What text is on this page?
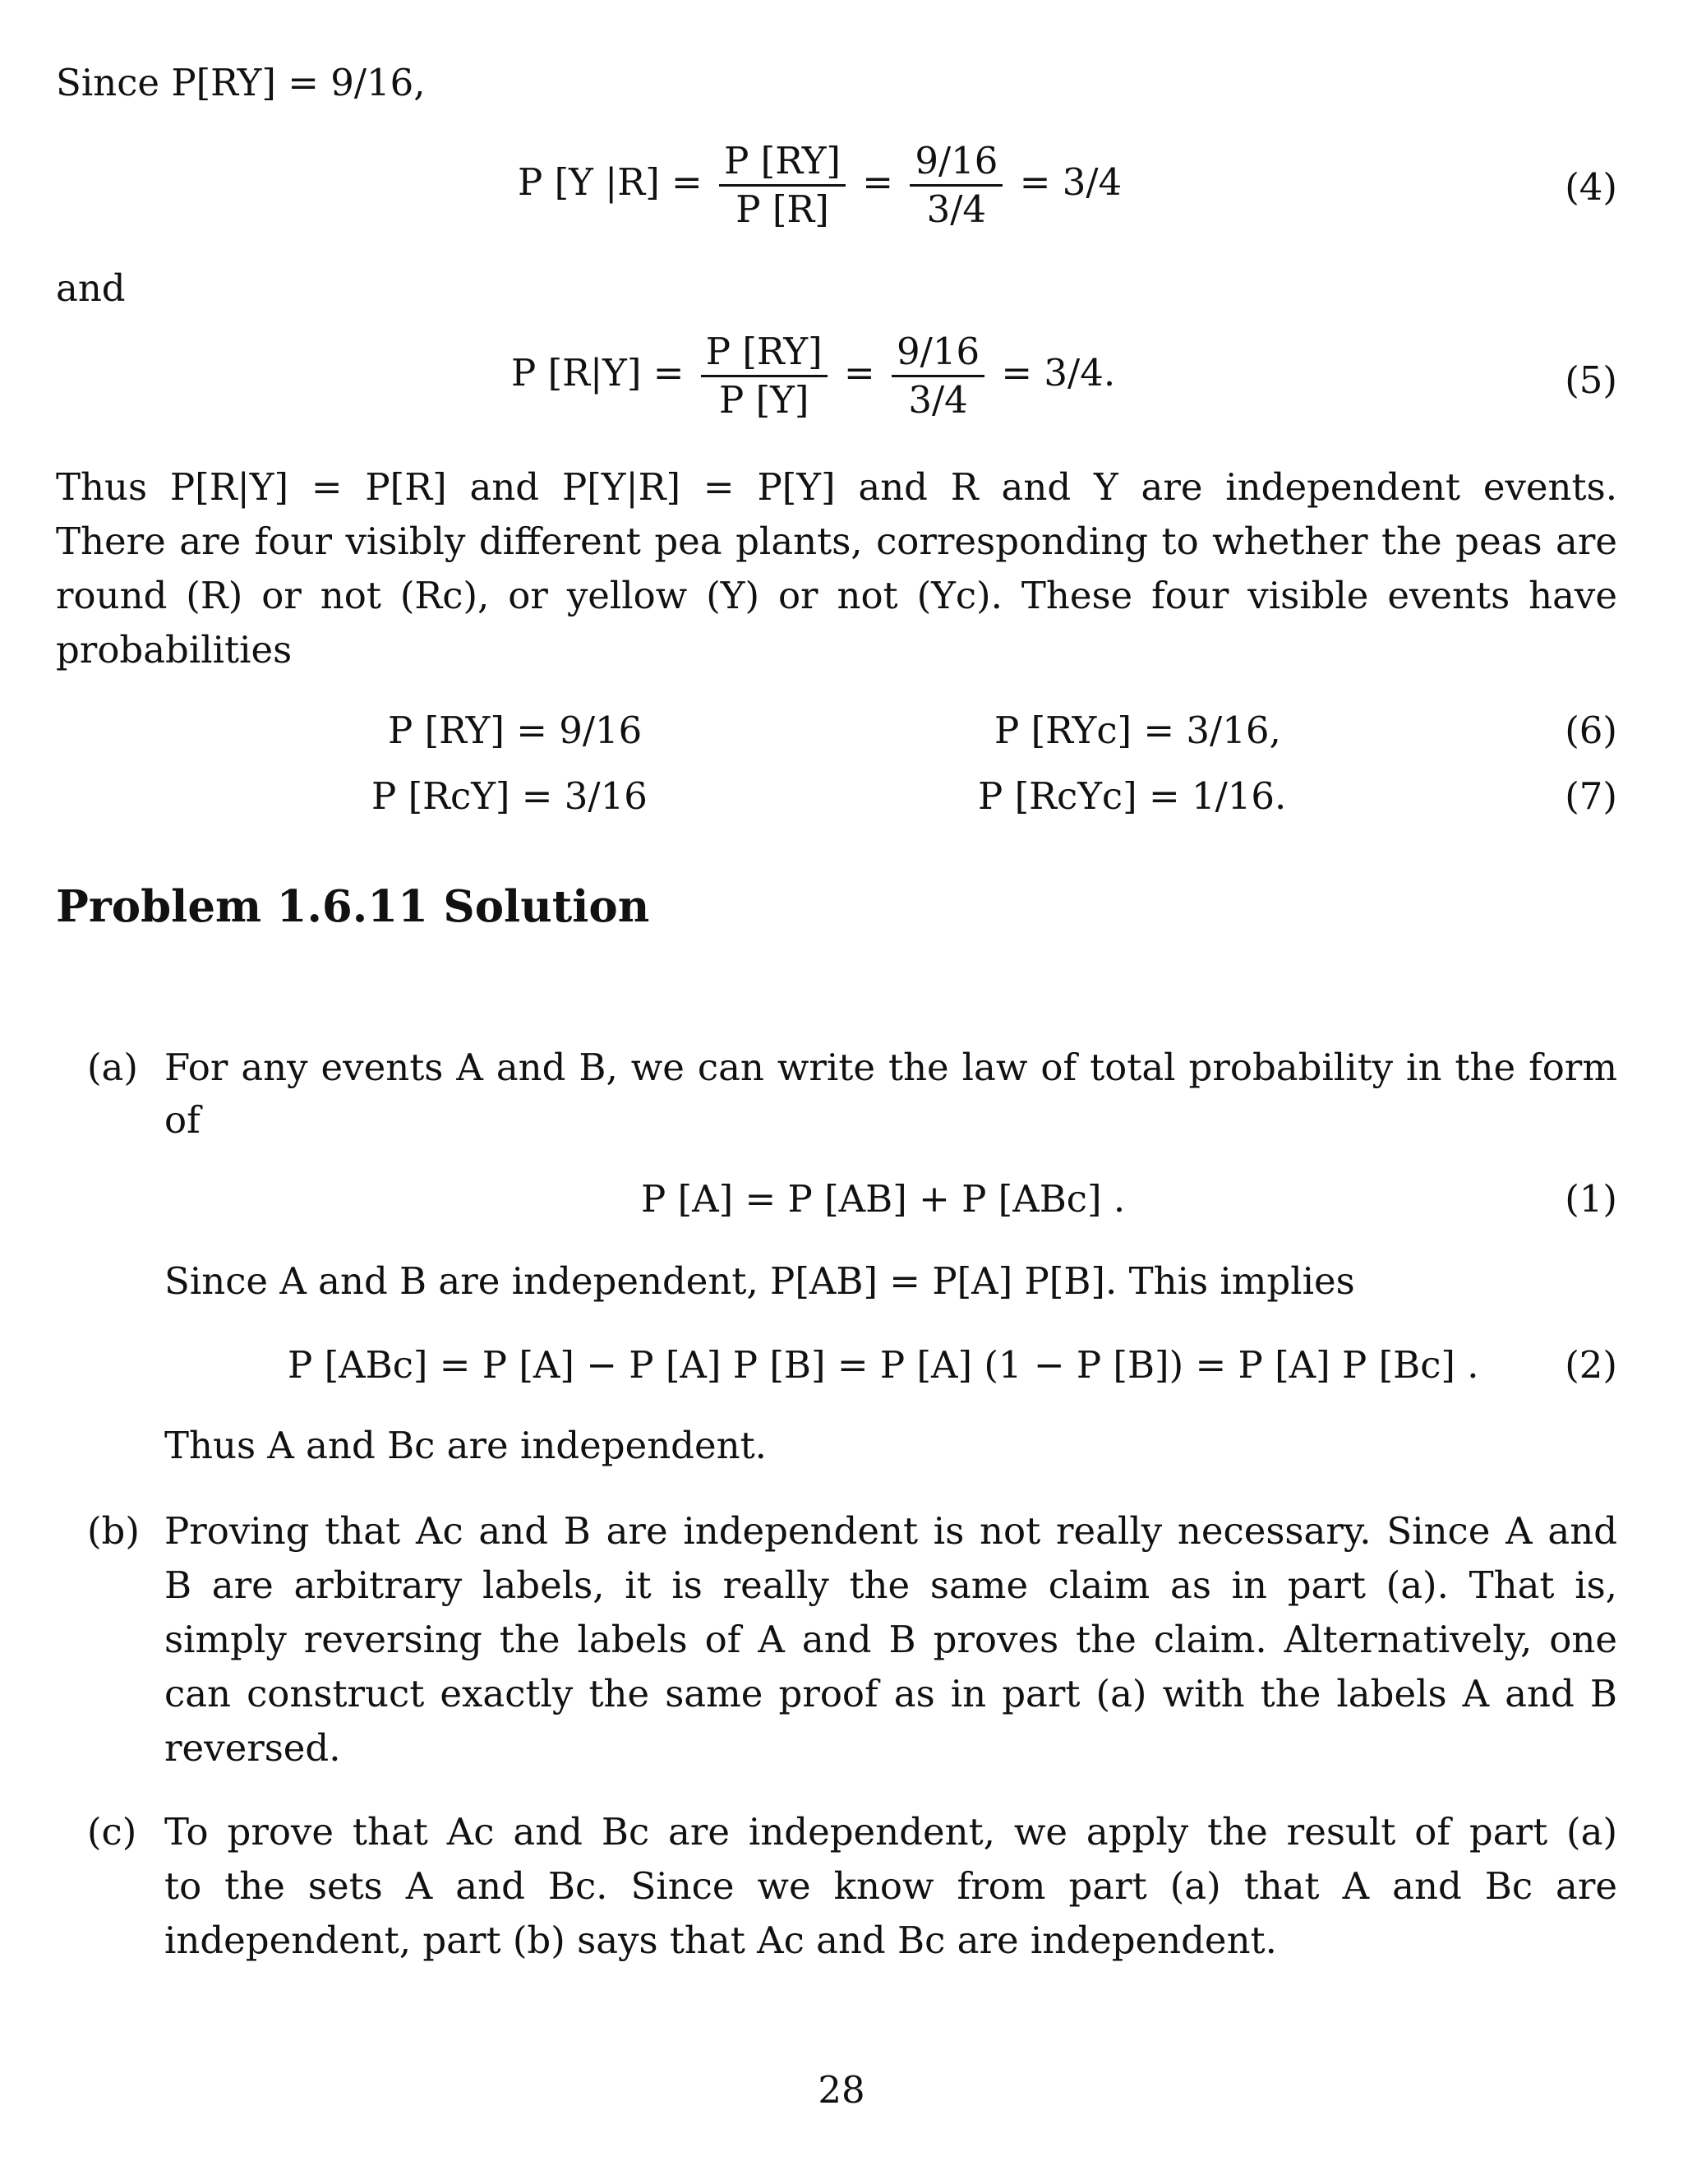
Since P[RY] = 9/16,
P [Y $|R] = \frac{P [RY]}{P [R]} = \frac{9/16}{3/4} = 3/4$	(4)
and
P $[R|Y] = \frac{P [RY]}{P [Y]} = \frac{9/16}{3/4} = 3/4$.	(5)
Thus P[R|Y] = P[R] and P[Y|R] = P[Y] and R and Y are independent events.
There are four visibly different pea plants, corresponding to whether the peas are
round (R) or not (Rc), or yellow (Y) or not (Yc). These four visible events have
probabilities
P [RY] = 9/16	P [RYc] = 3/16,	(6)
P [RcY] = 3/16	P [RcYc] = 1/16.	(7)
Problem 1.6.11 Solution
(a) For any events A and B, we can write the law of total probability in the form
of
P [A] = P [AB] + P [ABc] .	(1)
Since A and B are independent, P[AB] = P[A] P[B]. This implies
P [ABc] = P [A] − P [A] P [B] = P [A] (1 − P [B]) = P [A] P [Bc] . (2)
Thus A and Bc are independent.
(b) Proving that Ac and B are independent is not really necessary. Since A and
B are arbitrary labels, it is really the same claim as in part (a). That is,
simply reversing the labels of A and B proves the claim. Alternatively, one
can construct exactly the same proof as in part (a) with the labels A and B
reversed.
(c) To prove that Ac and Bc are independent, we apply the result of part (a)
to the sets A and Bc. Since we know from part (a) that A and Bc are
independent, part (b) says that Ac and Bc are independent.
28
